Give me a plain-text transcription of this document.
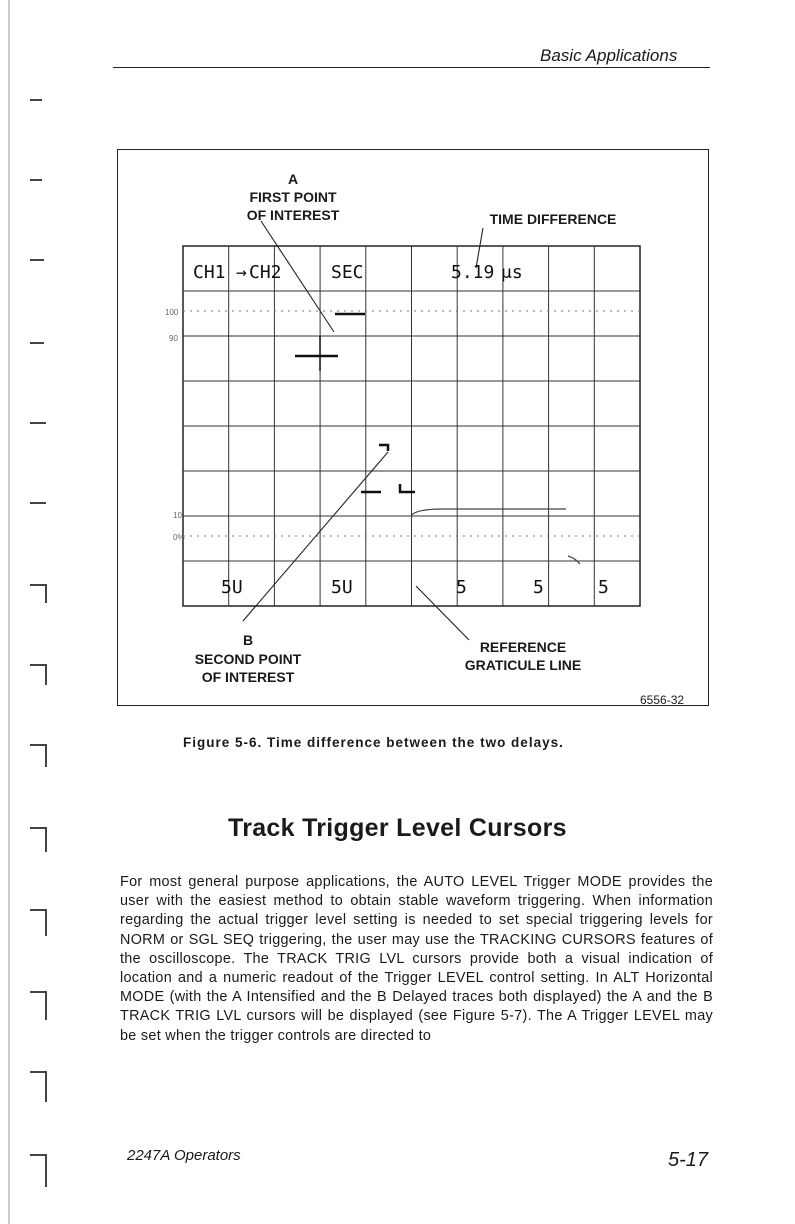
Basic Applications
A
FIRST POINT
OF INTEREST	TIME DIFFERENCE
B
SECOND POINT
OF INTEREST
REFERENCE
GRATICULE LINE
CH1 → CH2	SEC	5.19 μs
100
90
10
0%
5U	5U	5	5	5
6556-32
Figure 5-6. Time difference between the two delays.
Track Trigger Level Cursors
For most general purpose applications, the AUTO LEVEL Trigger MODE provides the user with the easiest method to obtain stable waveform triggering. When information regarding the actual trigger level setting is needed to set special triggering levels for NORM or SGL SEQ triggering, the user may use the TRACKING CURSORS features of the oscilloscope. The TRACK TRIG LVL cursors provide both a visual indication of location and a numeric readout of the Trigger LEVEL control setting. In ALT Horizontal MODE (with the A Intensified and the B Delayed traces both displayed) the A and the B TRACK TRIG LVL cursors will be displayed (see Figure 5-7). The A Trigger LEVEL may be set when the trigger controls are directed to
2247A Operators	5-17
